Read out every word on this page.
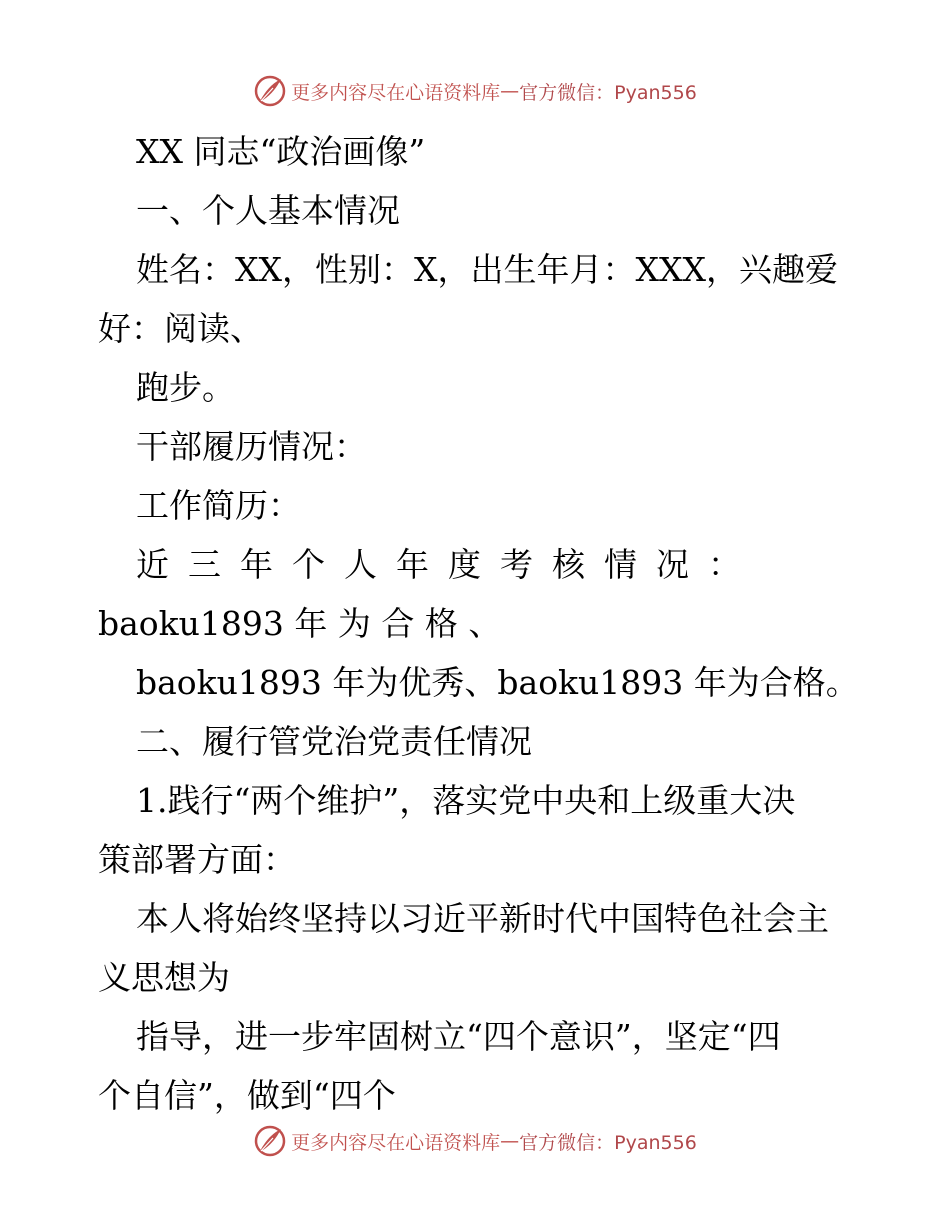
更多内容尽在心语资料库 — 官方微信：Pyan556
XX 同志“政治画像”
一、个人基本情况
姓名：XX，性别：X，出生年月：XXX，兴趣爱
好：阅读、
跑步。
干部履历情况：
工作简历：
近三年个人年度考核情况：
baoku1893 年 为 合 格 、
baoku1893 年为优秀、baoku1893 年为合格。
二、履行管党治党责任情况
1.践行“两个维护”，落实党中央和上级重大决
策部署方面：
本人将始终坚持以习近平新时代中国特色社会主
义思想为
指导，进一步牢固树立“四个意识”，坚定“四
个自信”，做到“四个
更多内容尽在心语资料库 — 官方微信：Pyan556
